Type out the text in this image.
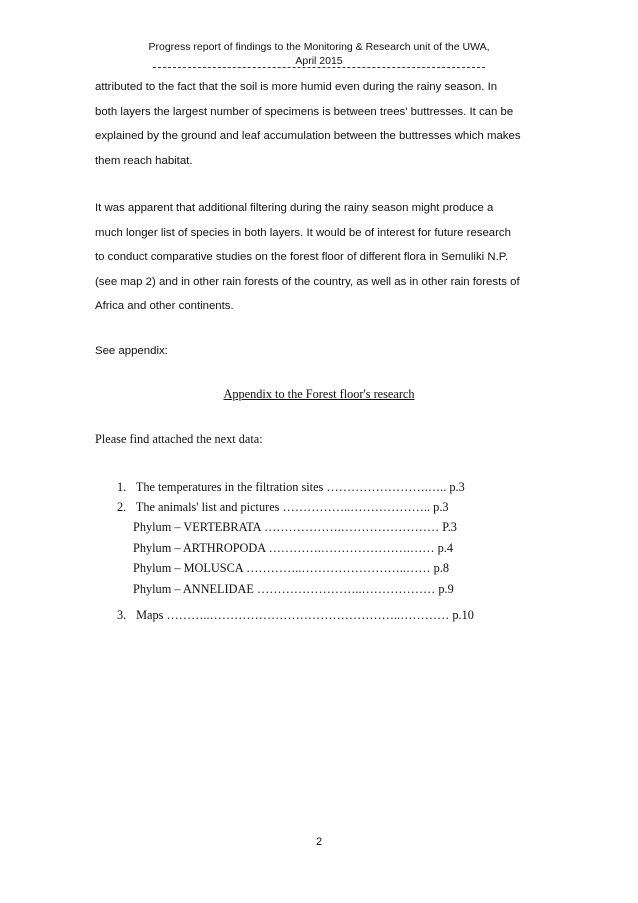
Progress report of findings to the Monitoring & Research unit of the UWA,
April 2015

attributed to the fact that the soil is more humid even during the rainy season. In

both layers the largest number of specimens is between trees' buttresses. It can be

explained by the ground and leaf accumulation between the buttresses which makes

them reach habitat.

It was apparent that additional filtering during the rainy season might produce a

much longer list of species in both layers. It would be of interest for future research

to conduct comparative studies on the forest floor of different flora in Semuliki N.P.

(see map 2) and in other rain forests of the country, as well as in other rain forests of

Africa and other continents.

See appendix:

Appendix to the Forest floor's research
Please find attached the next data:
1. The temperatures in the filtration sites …………………….….. p.3
2. The animals' list and pictures ……………..……………….. p.3
Phylum – VERTEBRATA ……………….…………………… P.3
Phylum – ARTHROPODA ………….………………….…… p.4
Phylum – MOLUSCA …………..……………………..…… p.8
Phylum – ANNELIDAE ……………………..……………… p.9
3. Maps ………..………………………………………..………… p.10
2
